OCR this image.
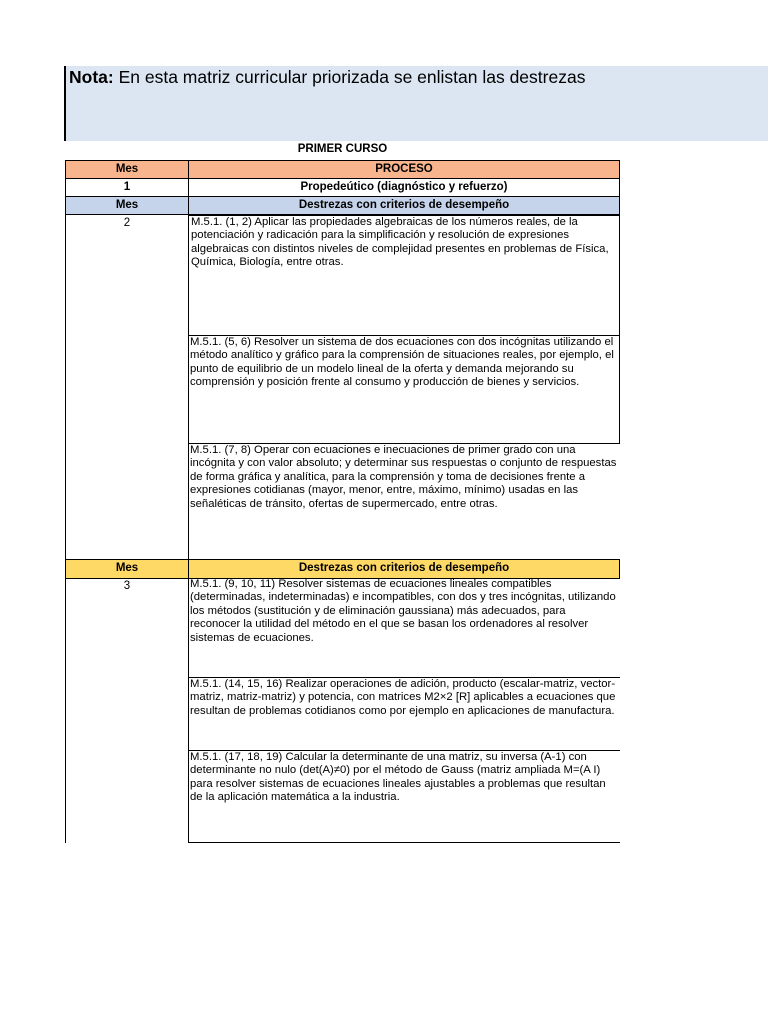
Nota: En esta matriz curricular priorizada se enlistan las destrezas
PRIMER CURSO
Mes	PROCESO
1	Propedeútico (diagnóstico y refuerzo)
Mes	Destrezas con criterios de desempeño
2	M.5.1. (1, 2) Aplicar las propiedades algebraicas de los números reales, de la potenciación y radicación para la simplificación y resolución de expresiones algebraicas con distintos niveles de complejidad presentes en problemas de Física, Química, Biología, entre otras.
M.5.1. (5, 6) Resolver un sistema de dos ecuaciones con dos incógnitas utilizando el método analítico y gráfico para la comprensión de situaciones reales, por ejemplo, el punto de equilibrio de un modelo lineal de la oferta y demanda mejorando su comprensión y posición frente al consumo y producción de bienes y servicios.
M.5.1. (7, 8) Operar con ecuaciones e inecuaciones de primer grado con una incógnita y con valor absoluto; y determinar sus respuestas o conjunto de respuestas de forma gráfica y analítica, para la comprensión y toma de decisiones frente a expresiones cotidianas (mayor, menor, entre, máximo, mínimo) usadas en las señaléticas de tránsito, ofertas de supermercado, entre otras.
Mes	Destrezas con criterios de desempeño
3	M.5.1. (9, 10, 11) Resolver sistemas de ecuaciones lineales compatibles (determinadas, indeterminadas) e incompatibles, con dos y tres incógnitas, utilizando los métodos (sustitución y de eliminación gaussiana) más adecuados, para reconocer la utilidad del método en el que se basan los ordenadores al resolver sistemas de ecuaciones.
M.5.1. (14, 15, 16) Realizar operaciones de adición, producto (escalar-matriz, vector-matriz, matriz-matriz) y potencia, con matrices M2×2 [R] aplicables a ecuaciones que resultan de problemas cotidianos como por ejemplo en aplicaciones de manufactura.
M.5.1. (17, 18, 19) Calcular la determinante de una matriz, su inversa (A-1) con determinante no nulo (det(A)≠0) por el método de Gauss (matriz ampliada M=(A I) para resolver sistemas de ecuaciones lineales ajustables a problemas que resultan de la aplicación matemática a la industria.
